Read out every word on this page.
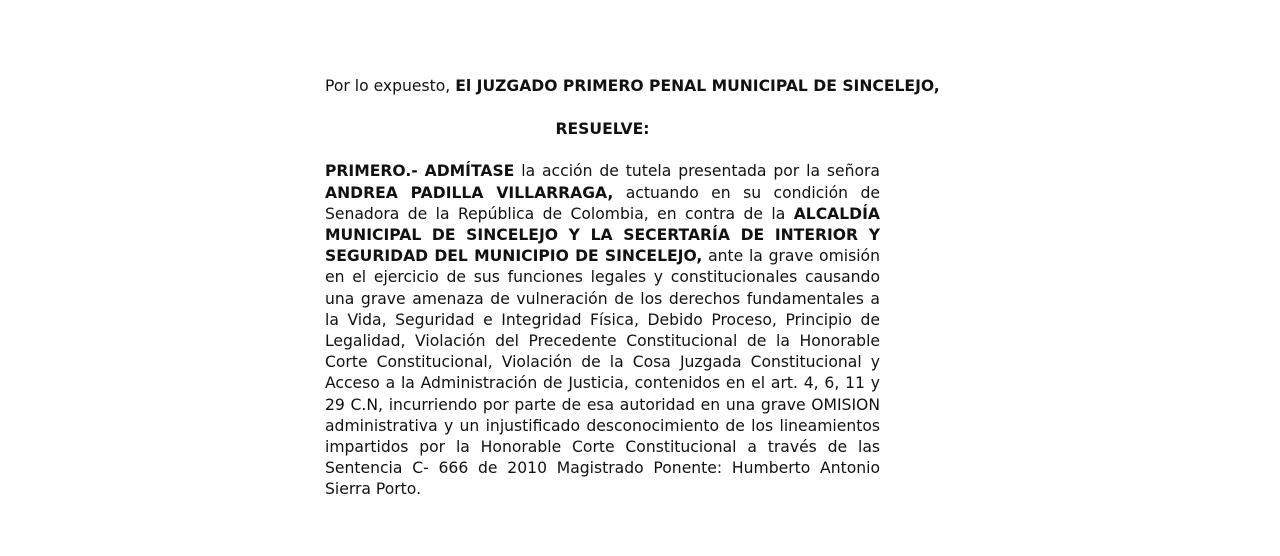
Por lo expuesto, El JUZGADO PRIMERO PENAL MUNICIPAL DE SINCELEJO,

RESUELVE:

PRIMERO.- ADMÍTASE la acción de tutela presentada por la señora ANDREA PADILLA VILLARRAGA, actuando en su condición de Senadora de la República de Colombia, en contra de la ALCALDÍA MUNICIPAL DE SINCELEJO Y LA SECERTARÍA DE INTERIOR Y SEGURIDAD DEL MUNICIPIO DE SINCELEJO, ante la grave omisión en el ejercicio de sus funciones legales y constitucionales causando una grave amenaza de vulneración de los derechos fundamentales a la Vida, Seguridad e Integridad Física, Debido Proceso, Principio de Legalidad, Violación del Precedente Constitucional de la Honorable Corte Constitucional, Violación de la Cosa Juzgada Constitucional y Acceso a la Administración de Justicia, contenidos en el art. 4, 6, 11 y 29 C.N, incurriendo por parte de esa autoridad en una grave OMISION administrativa y un injustificado desconocimiento de los lineamientos impartidos por la Honorable Corte Constitucional a través de las Sentencia C- 666 de 2010 Magistrado Ponente: Humberto Antonio Sierra Porto.
